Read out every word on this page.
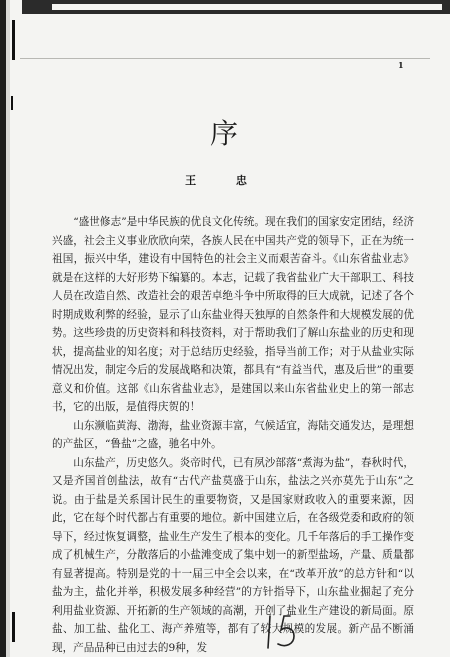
1
序
王 忠

“盛世修志”是中华民族的优良文化传统。现在我们的国家安定团结，经济兴盛，社会主义事业欣欣向荣，各族人民在中国共产党的领导下，正在为统一祖国，振兴中华，建设有中国特色的社会主义而艰苦奋斗。《山东省盐业志》就是在这样的大好形势下编纂的。本志，记载了我省盐业广大干部职工、科技人员在改造自然、改造社会的艰苦卓绝斗争中所取得的巨大成就，记述了各个时期成败利弊的经验，显示了山东盐业得天独厚的自然条件和大规模发展的优势。这些珍贵的历史资料和科技资料，对于帮助我们了解山东盐业的历史和现状，提高盐业的知名度；对于总结历史经验，指导当前工作；对于从盐业实际情况出发，制定今后的发展战略和决策，都具有“有益当代，惠及后世”的重要意义和价值。这部《山东省盐业志》，是建国以来山东省盐业史上的第一部志书，它的出版，是值得庆贺的！

山东濒临黄海、渤海，盐业资源丰富，气候适宜，海陆交通发达，是理想的产盐区，“鲁盐”之盛，驰名中外。

山东盐产，历史悠久。炎帝时代，已有夙沙部落“煮海为盐”，春秋时代，又是齐国首创盐法，故有“古代产盐莫盛于山东，盐法之兴亦莫先于山东”之说。由于盐是关系国计民生的重要物资，又是国家财政收入的重要来源，因此，它在每个时代都占有重要的地位。新中国建立后，在各级党委和政府的领导下，经过恢复调整，盐业生产发生了根本的变化。几千年落后的手工操作变成了机械生产，分散落后的小盐滩变成了集中划一的新型盐场，产量、质量都有显著提高。特别是党的十一届三中全会以来，在“改革开放”的总方针和“以盐为主，盐化并举，积极发展多种经营”的方针指导下，山东盐业掘起了充分利用盐业资源、开拓新的生产领域的高潮，开创了盐业生产建设的新局面。原盐、加工盐、盐化工、海产养殖等，都有了较大规模的发展。新产品不断涌现，产品品种已由过去的9种，发
